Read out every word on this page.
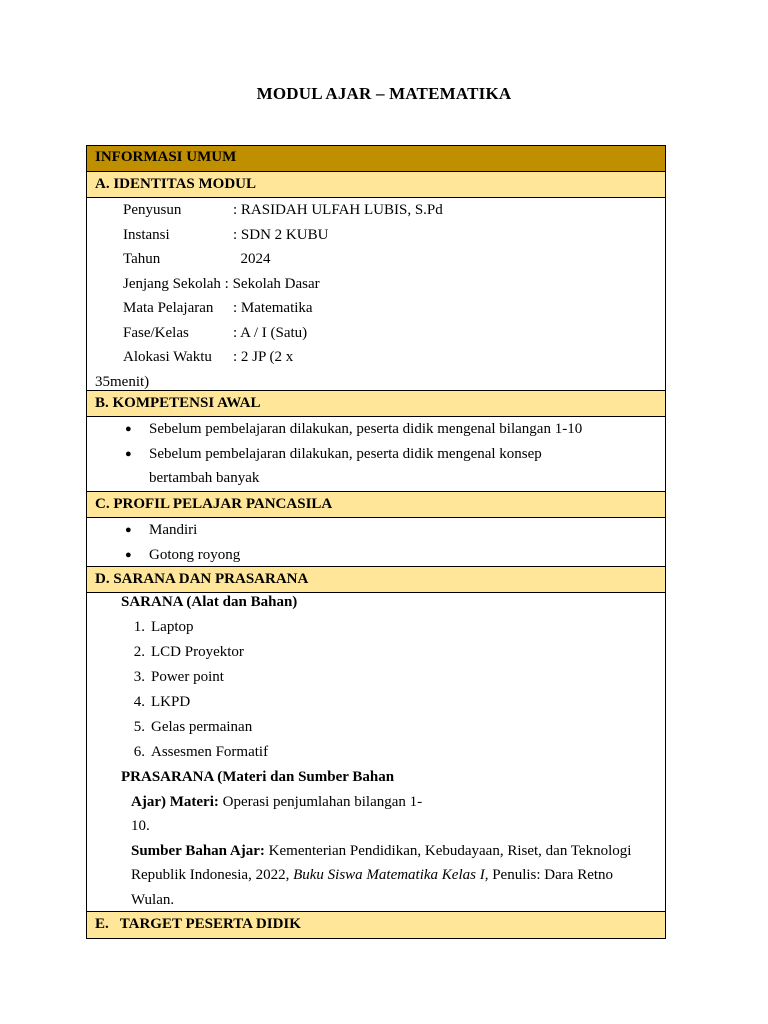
MODUL AJAR – MATEMATIKA
INFORMASI UMUM
A. IDENTITAS MODUL
Penyusun	: RASIDAH ULFAH LUBIS, S.Pd
Instansi	: SDN 2 KUBU
Tahun	2024
Jenjang Sekolah : Sekolah Dasar
Mata Pelajaran : Matematika
Fase/Kelas	: A / I (Satu)
Alokasi Waktu : 2 JP (2 x
35menit)
B. KOMPETENSI AWAL
●	Sebelum pembelajaran dilakukan, peserta didik mengenal bilangan 1-10
●	Sebelum pembelajaran dilakukan, peserta didik mengenal konsep
bertambah banyak
C. PROFIL PELAJAR PANCASILA
●	Mandiri
●	Gotong royong
D. SARANA DAN PRASARANA
SARANA (Alat dan Bahan)
1. Laptop
2. LCD Proyektor
3. Power point
4. LKPD
5. Gelas permainan
6. Assesmen Formatif
PRASARANA (Materi dan Sumber Bahan
Ajar) Materi: Operasi penjumlahan bilangan 1-
10.
Sumber Bahan Ajar: Kementerian Pendidikan, Kebudayaan, Riset, dan Teknologi
Republik Indonesia, 2022, Buku Siswa Matematika Kelas I, Penulis: Dara Retno
Wulan.
E.   TARGET PESERTA DIDIK
